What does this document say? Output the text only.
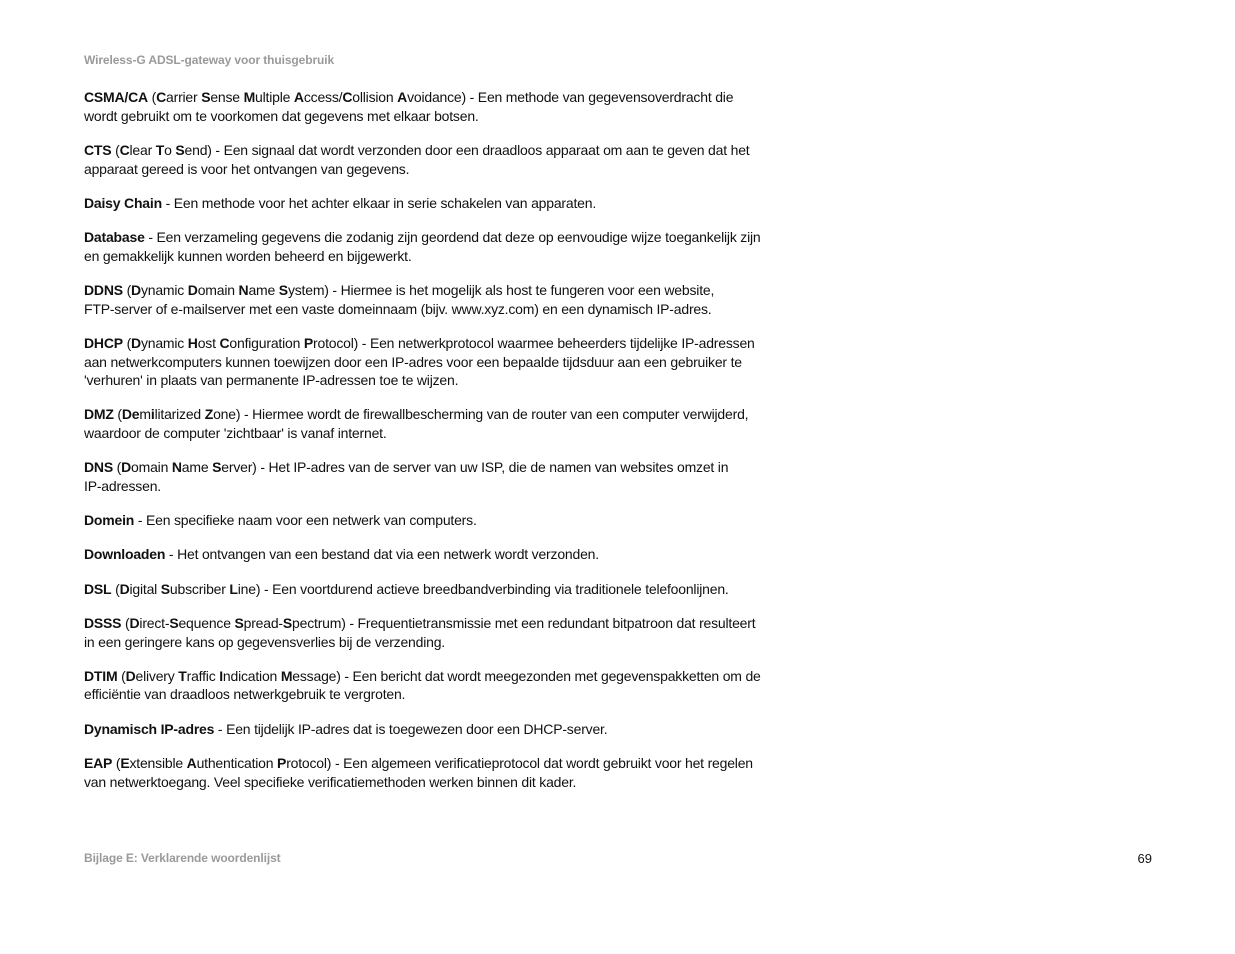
Wireless-G ADSL-gateway voor thuisgebruik

CSMA/CA (Carrier Sense Multiple Access/Collision Avoidance) - Een methode van gegevensoverdracht die wordt gebruikt om te voorkomen dat gegevens met elkaar botsen.

CTS (Clear To Send) - Een signaal dat wordt verzonden door een draadloos apparaat om aan te geven dat het apparaat gereed is voor het ontvangen van gegevens.

Daisy Chain - Een methode voor het achter elkaar in serie schakelen van apparaten.

Database - Een verzameling gegevens die zodanig zijn geordend dat deze op eenvoudige wijze toegankelijk zijn en gemakkelijk kunnen worden beheerd en bijgewerkt.

DDNS (Dynamic Domain Name System) - Hiermee is het mogelijk als host te fungeren voor een website,
FTP-server of e-mailserver met een vaste domeinnaam (bijv. www.xyz.com) en een dynamisch IP-adres.

DHCP (Dynamic Host Configuration Protocol) - Een netwerkprotocol waarmee beheerders tijdelijke IP-adressen aan netwerkcomputers kunnen toewijzen door een IP-adres voor een bepaalde tijdsduur aan een gebruiker te 'verhuren' in plaats van permanente IP-adressen toe te wijzen.

DMZ (Demilitarized Zone) - Hiermee wordt de firewallbescherming van de router van een computer verwijderd, waardoor de computer 'zichtbaar' is vanaf internet.

DNS (Domain Name Server) - Het IP-adres van de server van uw ISP, die de namen van websites omzet in
IP-adressen.

Domein - Een specifieke naam voor een netwerk van computers.

Downloaden - Het ontvangen van een bestand dat via een netwerk wordt verzonden.

DSL (Digital Subscriber Line) - Een voortdurend actieve breedbandverbinding via traditionele telefoonlijnen.

DSSS (Direct-Sequence Spread-Spectrum) - Frequentietransmissie met een redundant bitpatroon dat resulteert in een geringere kans op gegevensverlies bij de verzending.

DTIM (Delivery Traffic Indication Message) - Een bericht dat wordt meegezonden met gegevenspakketten om de efficiëntie van draadloos netwerkgebruik te vergroten.

Dynamisch IP-adres - Een tijdelijk IP-adres dat is toegewezen door een DHCP-server.

EAP (Extensible Authentication Protocol) - Een algemeen verificatieprotocol dat wordt gebruikt voor het regelen van netwerktoegang. Veel specifieke verificatiemethoden werken binnen dit kader.

Bijlage E: Verklarende woordenlijst	69
